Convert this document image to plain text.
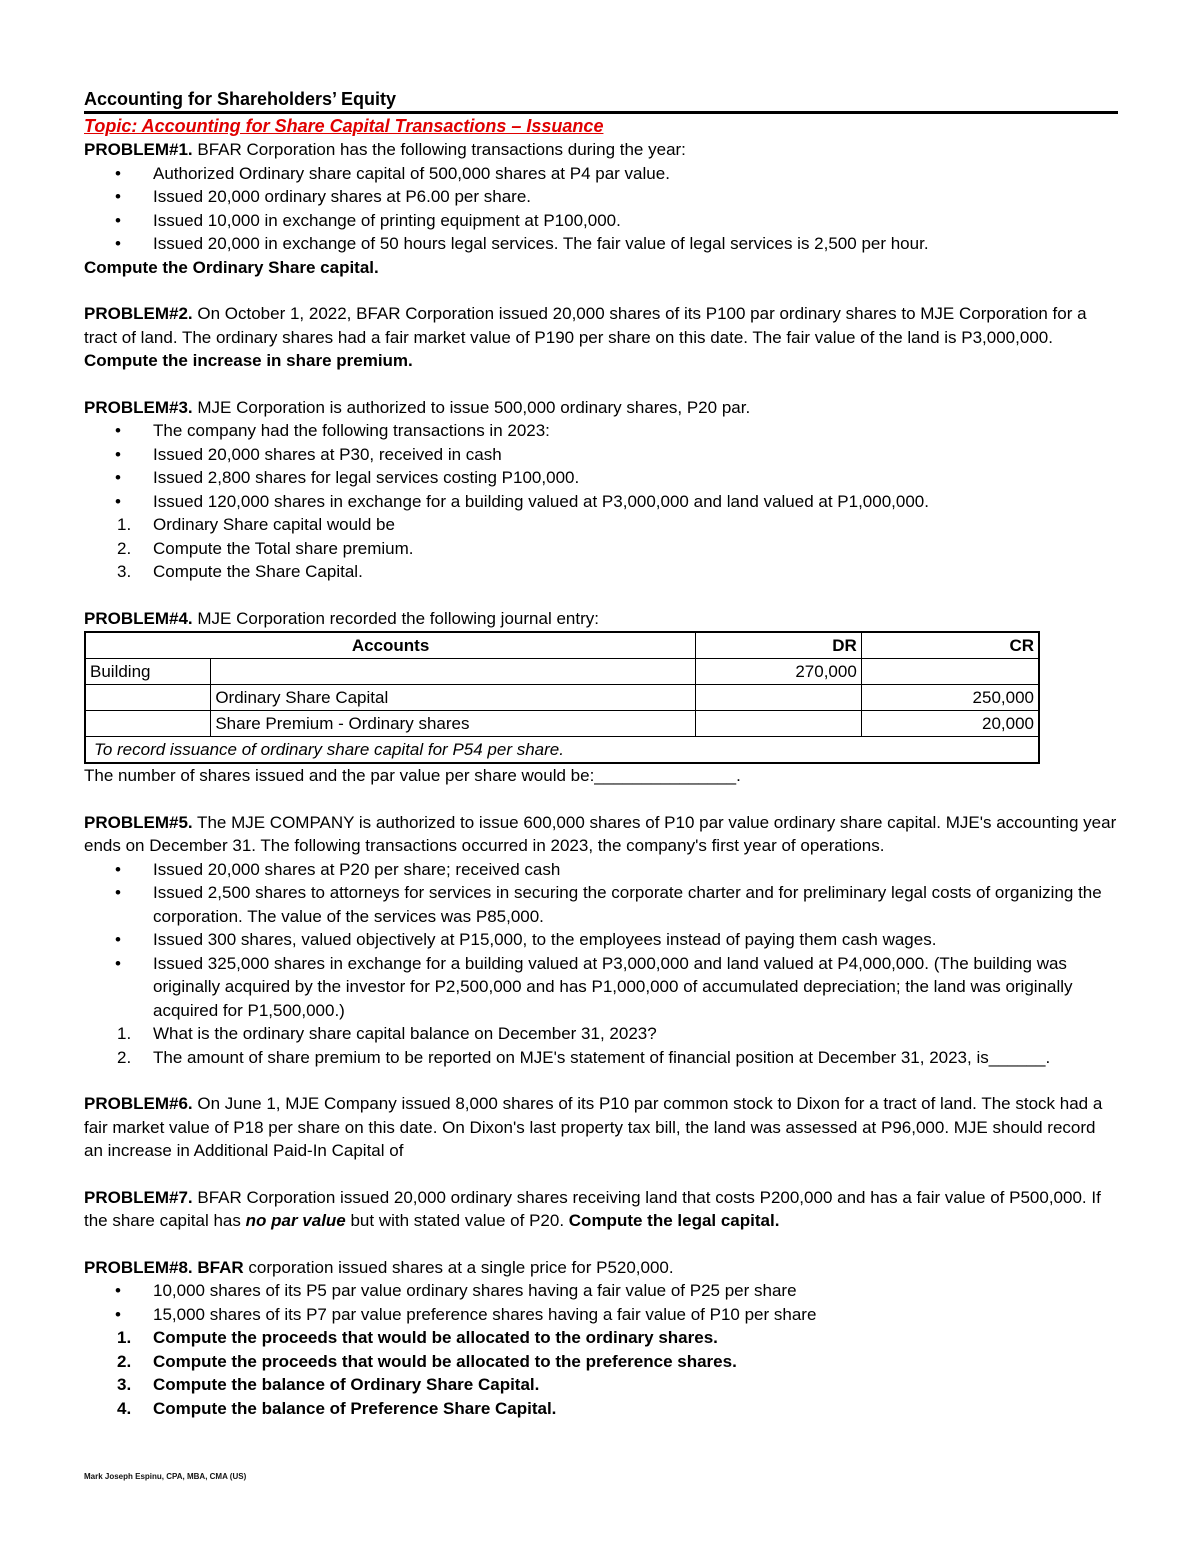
Accounting for Shareholders’ Equity
Topic: Accounting for Share Capital Transactions – Issuance

PROBLEM#1. BFAR Corporation has the following transactions during the year:

• Authorized Ordinary share capital of 500,000 shares at P4 par value.
• Issued 20,000 ordinary shares at P6.00 per share.
• Issued 10,000 in exchange of printing equipment at P100,000.
• Issued 20,000 in exchange of 50 hours legal services. The fair value of legal services is 2,500 per hour.

Compute the Ordinary Share capital.

PROBLEM#2. On October 1, 2022, BFAR Corporation issued 20,000 shares of its P100 par ordinary shares to MJE Corporation for a tract of land. The ordinary shares had a fair market value of P190 per share on this date. The fair value of the land is P3,000,000. Compute the increase in share premium.

PROBLEM#3. MJE Corporation is authorized to issue 500,000 ordinary shares, P20 par.

• The company had the following transactions in 2023:
• Issued 20,000 shares at P30, received in cash
• Issued 2,800 shares for legal services costing P100,000.
• Issued 120,000 shares in exchange for a building valued at P3,000,000 and land valued at P1,000,000.
1. Ordinary Share capital would be
2. Compute the Total share premium.
3. Compute the Share Capital.

PROBLEM#4. MJE Corporation recorded the following journal entry:

Accounts		DR	CR
Building		270,000	
	Ordinary Share Capital		250,000
	Share Premium - Ordinary shares		20,000
To record issuance of ordinary share capital for P54 per share.			

The number of shares issued and the par value per share would be:_______________.

PROBLEM#5. The MJE COMPANY is authorized to issue 600,000 shares of P10 par value ordinary share capital. MJE's accounting year ends on December 31. The following transactions occurred in 2023, the company's first year of operations.

• Issued 20,000 shares at P20 per share; received cash
• Issued 2,500 shares to attorneys for services in securing the corporate charter and for preliminary legal costs of organizing the corporation. The value of the services was P85,000.
• Issued 300 shares, valued objectively at P15,000, to the employees instead of paying them cash wages.
• Issued 325,000 shares in exchange for a building valued at P3,000,000 and land valued at P4,000,000. (The building was originally acquired by the investor for P2,500,000 and has P1,000,000 of accumulated depreciation; the land was originally acquired for P1,500,000.)
1. What is the ordinary share capital balance on December 31, 2023?
2. The amount of share premium to be reported on MJE's statement of financial position at December 31, 2023, is______.

PROBLEM#6. On June 1, MJE Company issued 8,000 shares of its P10 par common stock to Dixon for a tract of land. The stock had a fair market value of P18 per share on this date. On Dixon's last property tax bill, the land was assessed at P96,000. MJE should record an increase in Additional Paid-In Capital of

PROBLEM#7. BFAR Corporation issued 20,000 ordinary shares receiving land that costs P200,000 and has a fair value of P500,000. If the share capital has no par value but with stated value of P20. Compute the legal capital.

PROBLEM#8. BFAR corporation issued shares at a single price for P520,000.

• 10,000 shares of its P5 par value ordinary shares having a fair value of P25 per share
• 15,000 shares of its P7 par value preference shares having a fair value of P10 per share
1. Compute the proceeds that would be allocated to the ordinary shares.
2. Compute the proceeds that would be allocated to the preference shares.
3. Compute the balance of Ordinary Share Capital.
4. Compute the balance of Preference Share Capital.
Mark Joseph Espinu, CPA, MBA, CMA (US)
